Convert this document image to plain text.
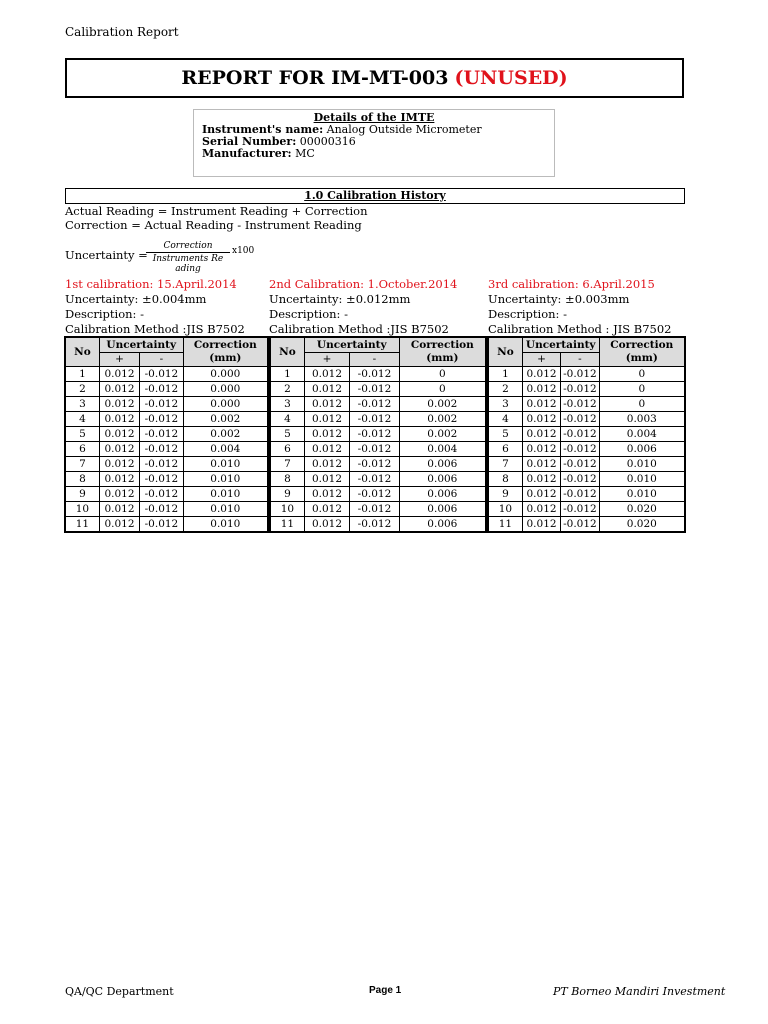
Calibration Report
REPORT FOR IM-MT-003 (UNUSED)
Details of the IMTE
Instrument's name: Analog Outside Micrometer
Serial Number: 00000316
Manufacturer: MC
1.0 Calibration History
Actual Reading = Instrument Reading + Correction
Correction = Actual Reading - Instrument Reading
Uncertainty =
Correction
Instruments Re ading
x100
1st calibration: 15.April.2014
Uncertainty: ±0.004mm
Description: -
Calibration Method :JIS B7502
2nd Calibration: 1.October.2014
Uncertainty: ±0.012mm
Description: -
Calibration Method :JIS B7502
3rd calibration: 6.April.2015
Uncertainty: ±0.003mm
Description: -
Calibration Method : JIS B7502
No	Uncertainty		Correction
(mm)

	+	-	
1	0.012	-0.012	0.000
2	0.012	-0.012	0.000
3	0.012	-0.012	0.000
4	0.012	-0.012	0.002
5	0.012	-0.012	0.002
6	0.012	-0.012	0.004
7	0.012	-0.012	0.010
8	0.012	-0.012	0.010
9	0.012	-0.012	0.010
10	0.012	-0.012	0.010
11	0.012	-0.012	0.010
No	Uncertainty		Correction
(mm)

	+	-	
1	0.012	-0.012	0
2	0.012	-0.012	0
3	0.012	-0.012	0.002
4	0.012	-0.012	0.002
5	0.012	-0.012	0.002
6	0.012	-0.012	0.004
7	0.012	-0.012	0.006
8	0.012	-0.012	0.006
9	0.012	-0.012	0.006
10	0.012	-0.012	0.006
11	0.012	-0.012	0.006
No	Uncertainty		Correction
(mm)

	+	-	
1	0.012	-0.012	0
2	0.012	-0.012	0
3	0.012	-0.012	0
4	0.012	-0.012	0.003
5	0.012	-0.012	0.004
6	0.012	-0.012	0.006
7	0.012	-0.012	0.010
8	0.012	-0.012	0.010
9	0.012	-0.012	0.010
10	0.012	-0.012	0.020
11	0.012	-0.012	0.020
QA/QC Department	Page 1	PT Borneo Mandiri Investment
